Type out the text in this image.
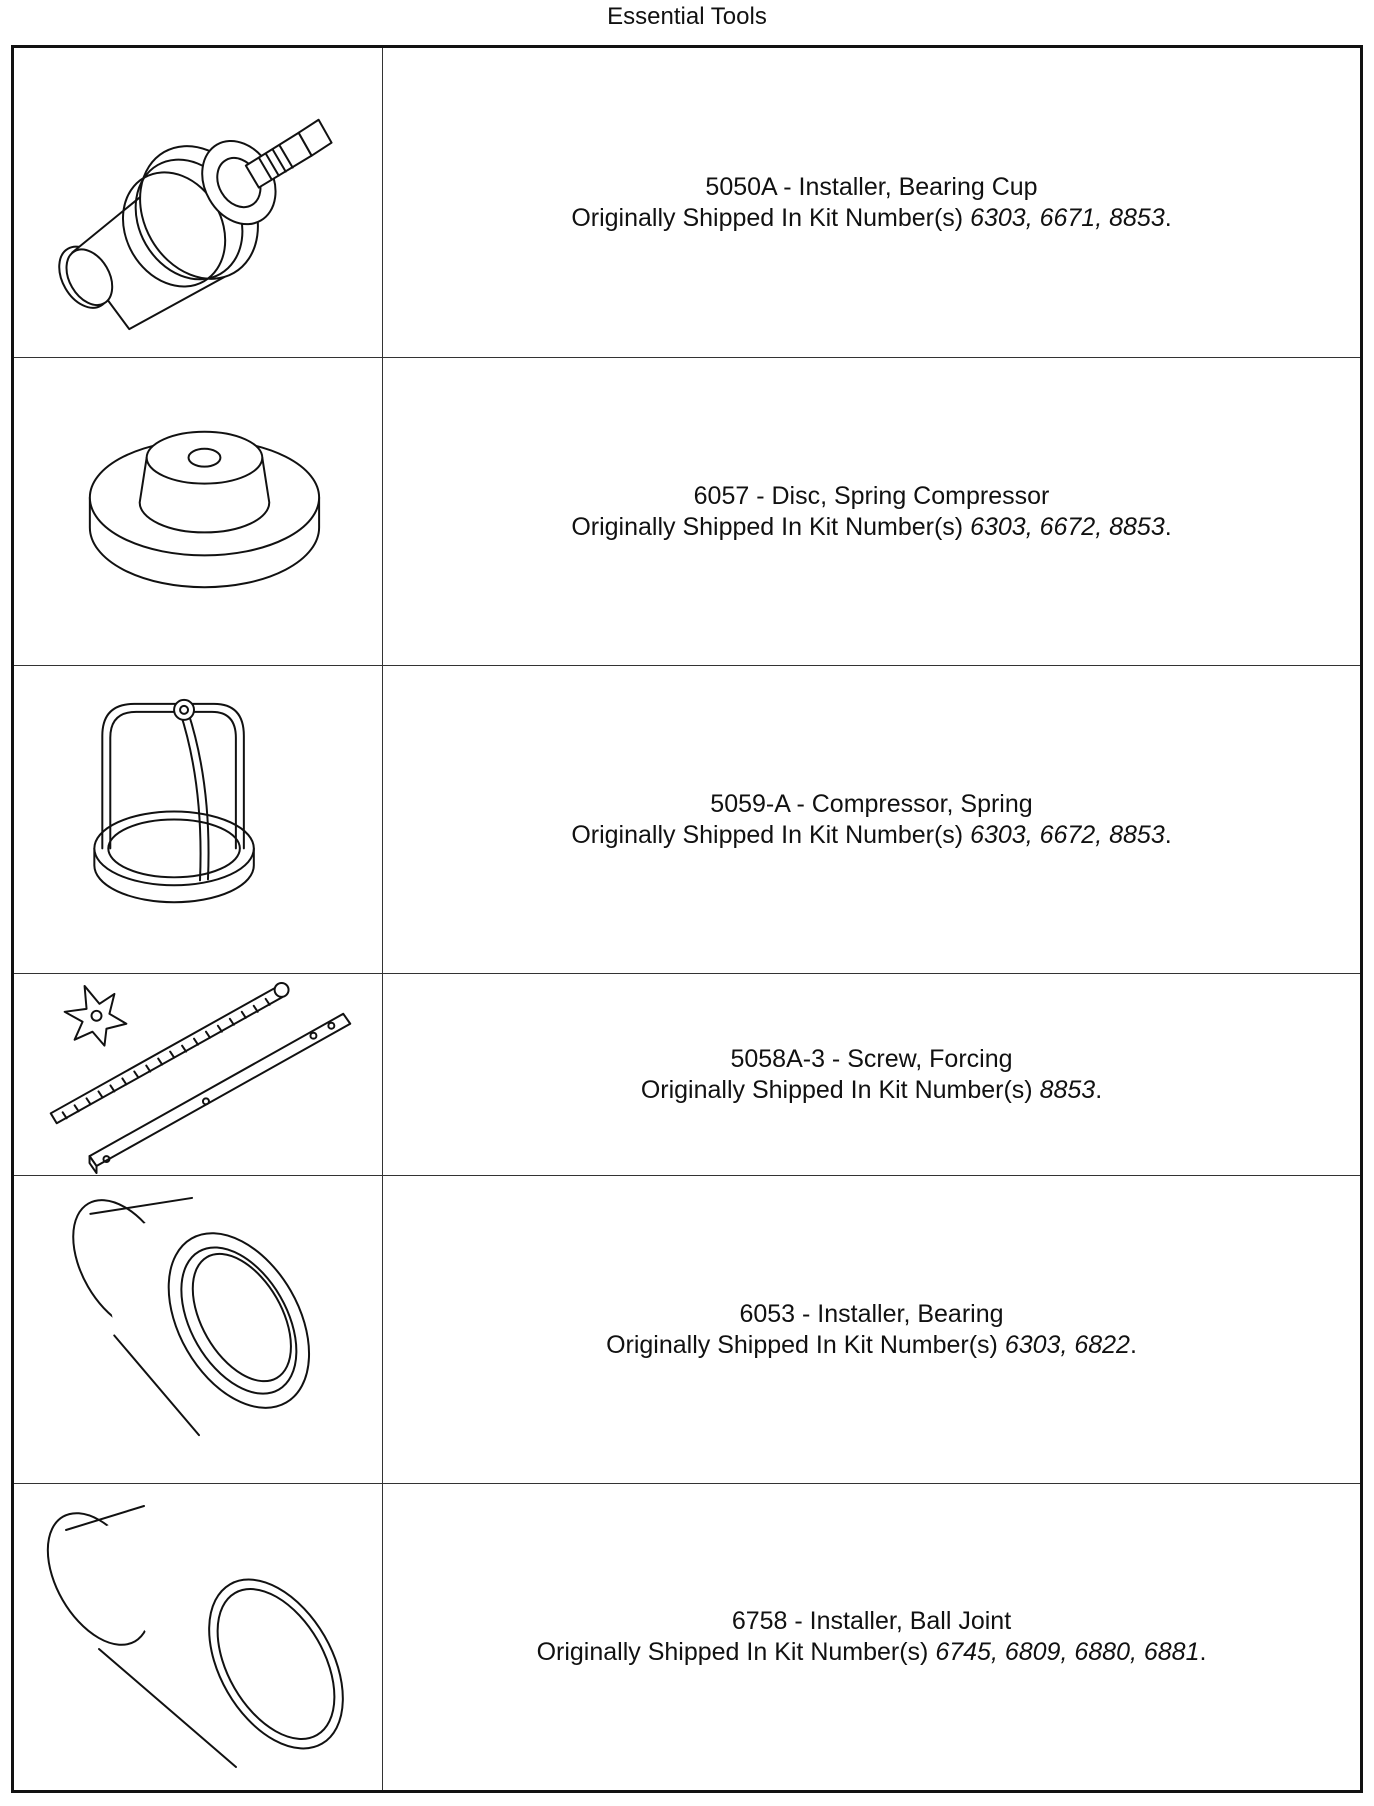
Essential Tools
5050A - Installer, Bearing Cup
Originally Shipped In Kit Number(s) 6303, 6671, 8853.
6057 - Disc, Spring Compressor
Originally Shipped In Kit Number(s) 6303, 6672, 8853.
5059-A - Compressor, Spring
Originally Shipped In Kit Number(s) 6303, 6672, 8853.
5058A-3 - Screw, Forcing
Originally Shipped In Kit Number(s) 8853.
6053 - Installer, Bearing
Originally Shipped In Kit Number(s) 6303, 6822.
6758 - Installer, Ball Joint
Originally Shipped In Kit Number(s) 6745, 6809, 6880, 6881.
